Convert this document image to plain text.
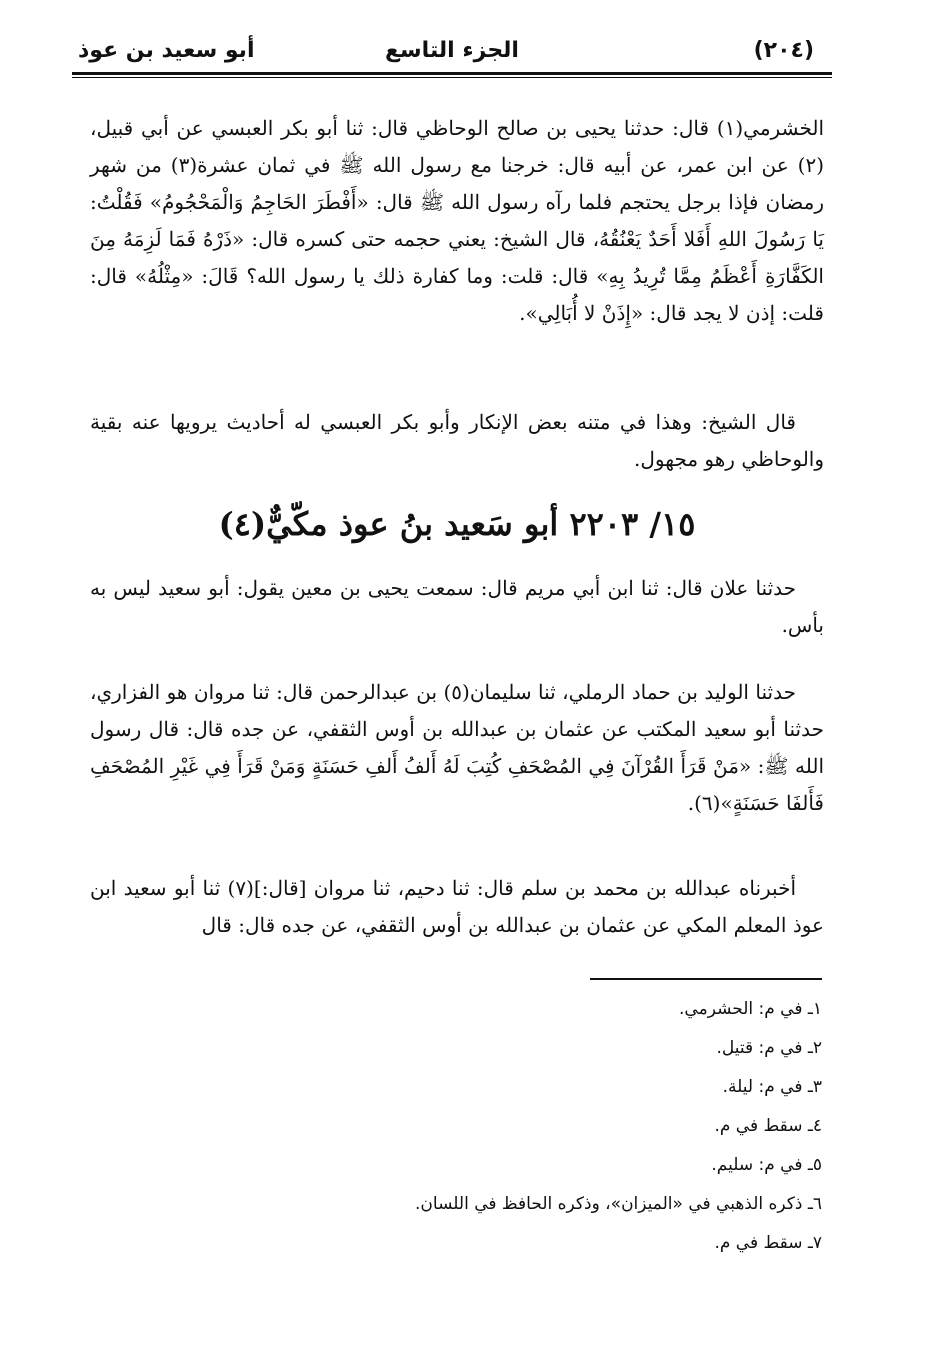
(٢٠٤)
الجزء التاسع
أبو سعيد بن عوذ
الخشرمي(١) قال: حدثنا يحيى بن صالح الوحاظي قال: ثنا أبو بكر العبسي عن أبي قبيل،(٢) عن ابن عمر، عن أبيه قال: خرجنا مع رسول الله ﷺ في ثمان عشرة(٣) من شهر رمضان فإذا برجل يحتجم فلما رآه رسول الله ﷺ قال: «أَفْطَرَ الحَاجِمُ وَالْمَحْجُومُ» فَقُلْتُ: يَا رَسُولَ اللهِ أَفَلا أَحَدٌ يَعْنُقُهُ، قال الشيخ: يعني حجمه حتى كسره قال: «ذَرْهُ فَمَا لَزِمَهُ مِنَ الكَفَّارَةِ أَعْظَمُ مِمَّا تُرِيدُ بِهِ» قال: قلت: وما كفارة ذلك يا رسول الله؟ قَالَ: «مِثْلُهُ» قال: قلت: إذن لا يجد قال: «إِذَنْ لا أُبَالِي».
قال الشيخ: وهذا في متنه بعض الإنكار وأبو بكر العبسي له أحاديث يرويها عنه بقية والوحاظي رهو مجهول.
١٥/ ٢٢٠٣ أبو سَعيد بنُ عوذ مكّيٌّ(٤)
حدثنا علان قال: ثنا ابن أبي مريم قال: سمعت يحيى بن معين يقول: أبو سعيد ليس به بأس.
حدثنا الوليد بن حماد الرملي، ثنا سليمان(٥) بن عبدالرحمن قال: ثنا مروان هو الفزاري، حدثنا أبو سعيد المكتب عن عثمان بن عبدالله بن أوس الثقفي، عن جده قال: قال رسول الله ﷺ: «مَنْ قَرَأَ القُرْآنَ فِي المُصْحَفِ كُتِبَ لَهُ أَلفُ أَلفِ حَسَنَةٍ وَمَنْ قَرَأَ فِي غَيْرِ المُصْحَفِ فَأَلفَا حَسَنَةٍ»(٦).
أخبرناه عبدالله بن محمد بن سلم قال: ثنا دحيم، ثنا مروان [قال:](٧) ثنا أبو سعيد ابن عوذ المعلم المكي عن عثمان بن عبدالله بن أوس الثقفي، عن جده قال: قال
١ـ في م: الحشرمي.
٢ـ في م: قتيل.
٣ـ في م: ليلة.
٤ـ سقط في م.
٥ـ في م: سليم.
٦ـ ذكره الذهبي في «الميزان»، وذكره الحافظ في اللسان.
٧ـ سقط في م.
